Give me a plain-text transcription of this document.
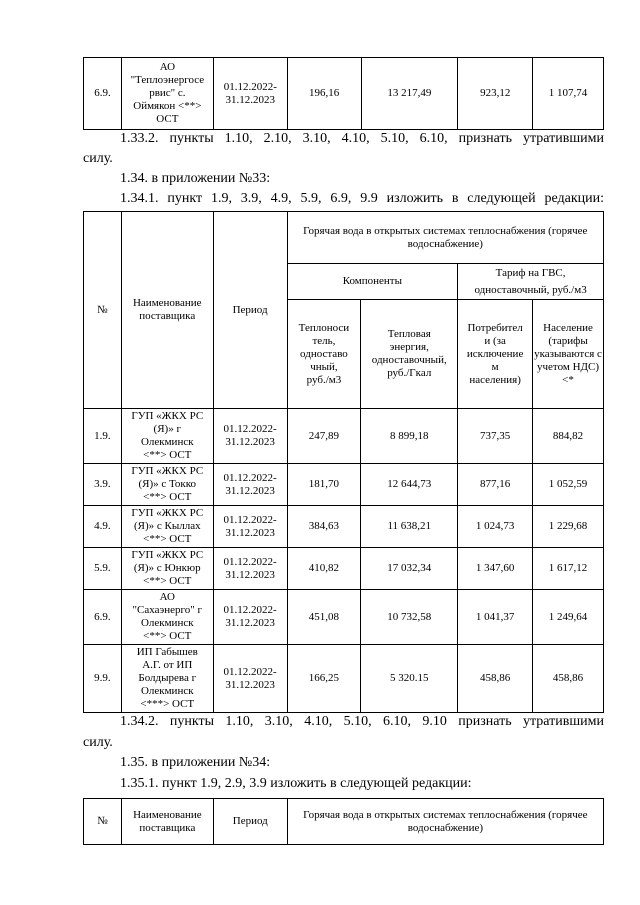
6.9.	АО
"Теплоэнергосе
рвис" с.
Оймякон <**>
ОСТ	01.12.2022-
31.12.2023	196,16	13 217,49	923,12	1 107,74
1.33.2. пункты 1.10, 2.10, 3.10, 4.10, 5.10, 6.10, признать утратившими
силу.
1.34. в приложении №33:
1.34.1. пункт 1.9, 3.9, 4.9, 5.9, 6.9, 9.9 изложить в следующей редакции:
№	Наименование
поставщика	Период	Горячая вода в открытых системах теплоснабжения (горячее
водоснабжение)			
			Компоненты		Тариф на ГВС,
одноставочный, руб./м3	
			Теплоноси
тель,
одноставо
чный,
руб./м3	Тепловая
энергия,
одноставочный,
руб./Гкал	Потребител
и (за
исключение
м
населения)	Население
(тарифы
указываются с
учетом НДС)
<*
1.9.	ГУП «ЖКХ РС
(Я)» г
Олекминск
<**> ОСТ	01.12.2022-
31.12.2023	247,89	8 899,18	737,35	884,82
3.9.	ГУП «ЖКХ РС
(Я)» с Токко
<**> ОСТ	01.12.2022-
31.12.2023	181,70	12 644,73	877,16	1 052,59
4.9.	ГУП «ЖКХ РС
(Я)» с Кыллах
<**> ОСТ	01.12.2022-
31.12.2023	384,63	11 638,21	1 024,73	1 229,68
5.9.	ГУП «ЖКХ РС
(Я)» с Юнкюр
<**> ОСТ	01.12.2022-
31.12.2023	410,82	17 032,34	1 347,60	1 617,12
6.9.	АО
"Сахаэнерго" г
Олекминск
<**> ОСТ	01.12.2022-
31.12.2023	451,08	10 732,58	1 041,37	1 249,64
9.9.	ИП Габышев
А.Г. от ИП
Болдырева г
Олекминск
<***> ОСТ	01.12.2022-
31.12.2023	166,25	5 320.15	458,86	458,86
1.34.2. пункты 1.10, 3.10, 4.10, 5.10, 6.10, 9.10 признать утратившими
силу.
1.35. в приложении №34:
1.35.1. пункт 1.9, 2.9, 3.9 изложить в следующей редакции:
№	Наименование
поставщика	Период	Горячая вода в открытых системах теплоснабжения (горячее
водоснабжение)
